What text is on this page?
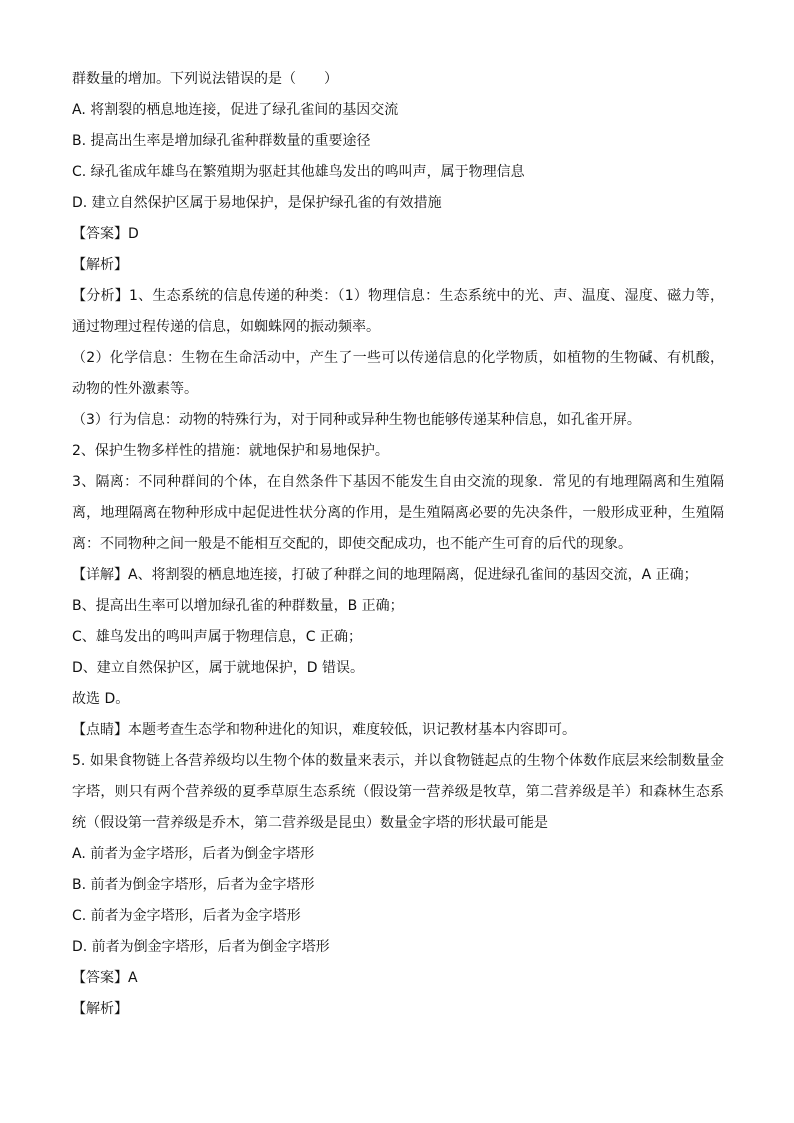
群数量的增加。下列说法错误的是（　　）
A. 将割裂的栖息地连接，促进了绿孔雀间的基因交流
B. 提高出生率是增加绿孔雀种群数量的重要途径
C. 绿孔雀成年雄鸟在繁殖期为驱赶其他雄鸟发出的鸣叫声，属于物理信息
D. 建立自然保护区属于易地保护，是保护绿孔雀的有效措施
【答案】D
【解析】
【分析】1、生态系统的信息传递的种类：（1）物理信息：生态系统中的光、声、温度、湿度、磁力等，
通过物理过程传递的信息，如蜘蛛网的振动频率。
（2）化学信息：生物在生命活动中，产生了一些可以传递信息的化学物质，如植物的生物碱、有机酸，
动物的性外激素等。
（3）行为信息：动物的特殊行为，对于同种或异种生物也能够传递某种信息，如孔雀开屏。
2、保护生物多样性的措施：就地保护和易地保护。
3、隔离：不同种群间的个体，在自然条件下基因不能发生自由交流的现象．常见的有地理隔离和生殖隔
离，地理隔离在物种形成中起促进性状分离的作用，是生殖隔离必要的先决条件，一般形成亚种，生殖隔
离：不同物种之间一般是不能相互交配的，即使交配成功，也不能产生可育的后代的现象。
【详解】A、将割裂的栖息地连接，打破了种群之间的地理隔离，促进绿孔雀间的基因交流，A 正确；
B、提高出生率可以增加绿孔雀的种群数量，B 正确；
C、雄鸟发出的鸣叫声属于物理信息，C 正确；
D、建立自然保护区，属于就地保护，D 错误。
故选 D。
【点睛】本题考查生态学和物种进化的知识，难度较低，识记教材基本内容即可。
5. 如果食物链上各营养级均以生物个体的数量来表示，并以食物链起点的生物个体数作底层来绘制数量金
字塔，则只有两个营养级的夏季草原生态系统（假设第一营养级是牧草，第二营养级是羊）和森林生态系
统（假设第一营养级是乔木，第二营养级是昆虫）数量金字塔的形状最可能是
A. 前者为金字塔形，后者为倒金字塔形
B. 前者为倒金字塔形，后者为金字塔形
C. 前者为金字塔形，后者为金字塔形
D. 前者为倒金字塔形，后者为倒金字塔形
【答案】A
【解析】
